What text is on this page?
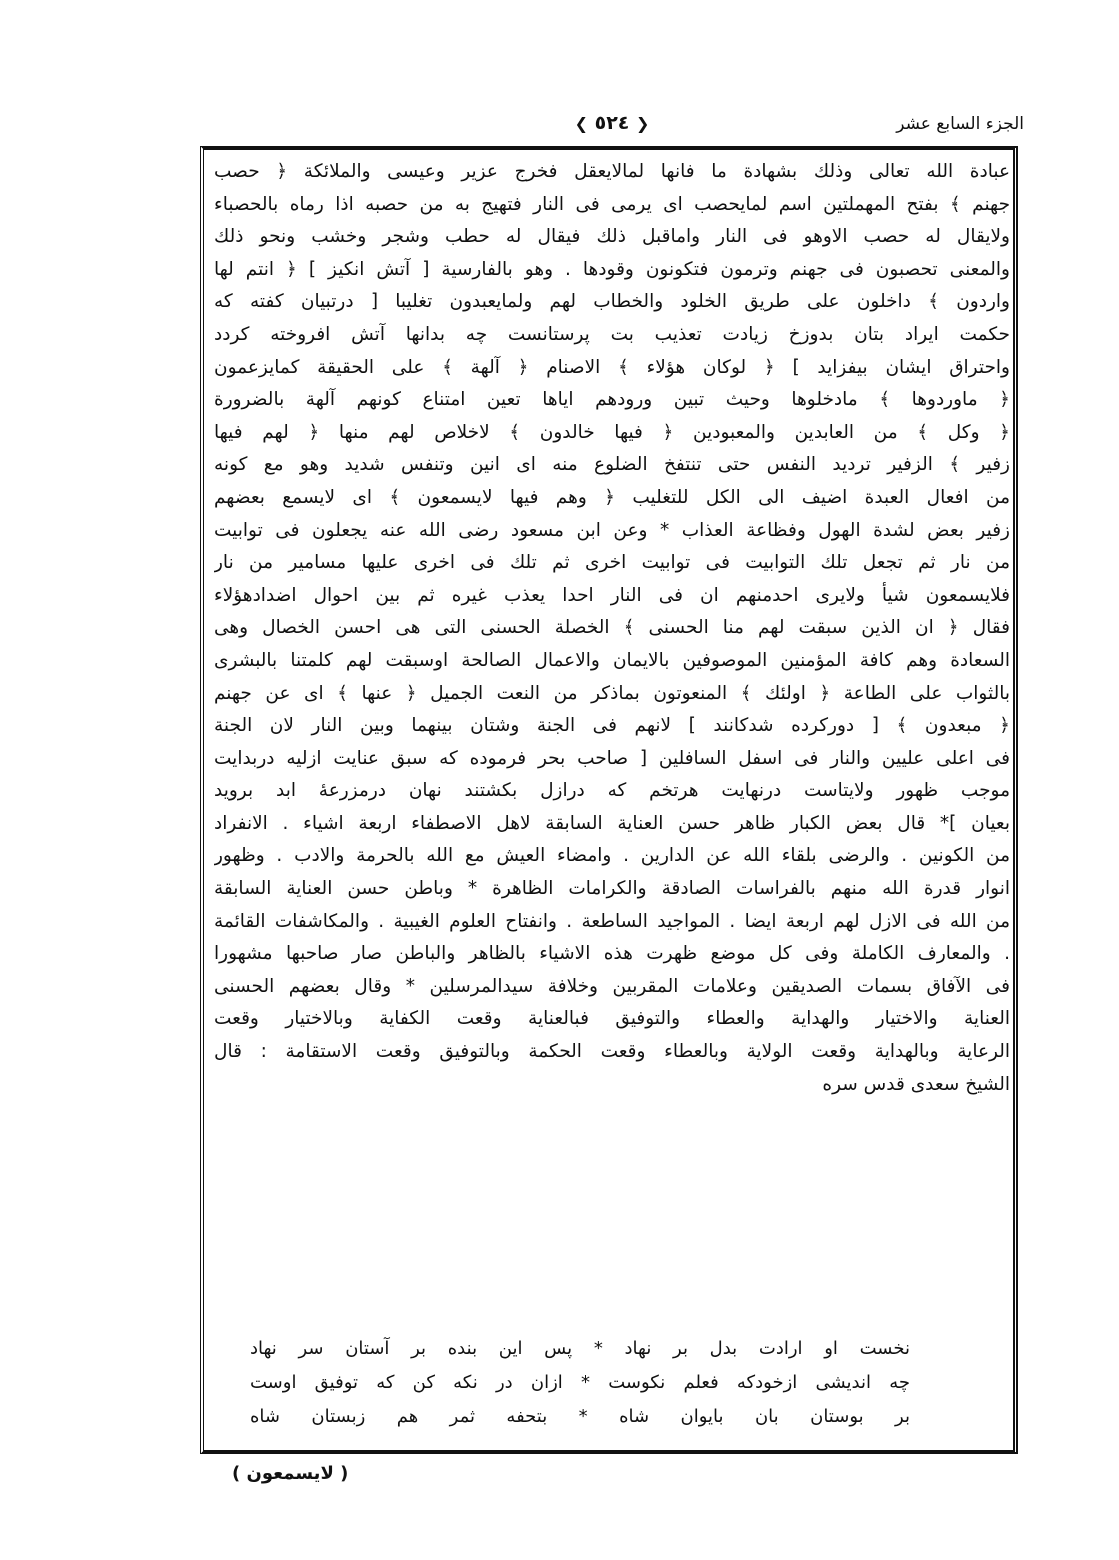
الجزء السابع عشر
❮ ٥٢٤ ❯
عبادة الله تعالى وذلك بشهادة ما فانها لمالايعقل فخرج عزير وعيسى والملائكة ﴿ حصب
جهنم ﴾ بفتح المهملتين اسم لمايحصب اى يرمى فى النار فتهيج به من حصبه اذا رماه بالحصباء
ولايقال له حصب الاوهو فى النار واماقبل ذلك فيقال له حطب وشجر وخشب ونحو ذلك
والمعنى تحصبون فى جهنم وترمون فتكونون وقودها . وهو بالفارسية [ آتش انكيز ] ﴿ انتم لها
واردون ﴾ داخلون على طريق الخلود والخطاب لهم ولمايعبدون تغليبا [ درتبيان كفته كه
حكمت ايراد بتان بدوزخ زيادت تعذيب بت پرستانست چه بدانها آتش افروخته كردد
واحتراق ايشان بيفزايد ] ﴿ لوكان هؤلاء ﴾ الاصنام ﴿ آلهة ﴾ على الحقيقة كمايزعمون
﴿ ماوردوها ﴾ مادخلوها وحيث تبين ورودهم اياها تعين امتناع كونهم آلهة بالضرورة
﴿ وكل ﴾ من العابدين والمعبودين ﴿ فيها خالدون ﴾ لاخلاص لهم منها ﴿ لهم فيها
زفير ﴾ الزفير ترديد النفس حتى تنتفخ الضلوع منه اى انين وتنفس شديد وهو مع كونه
من افعال العبدة اضيف الى الكل للتغليب ﴿ وهم فيها لايسمعون ﴾ اى لايسمع بعضهم
زفير بعض لشدة الهول وفظاعة العذاب * وعن ابن مسعود رضى الله عنه يجعلون فى توابيت
من نار ثم تجعل تلك التوابيت فى توابيت اخرى ثم تلك فى اخرى عليها مسامير من نار
فلايسمعون شيأ ولايرى احدمنهم ان فى النار احدا يعذب غيره ثم بين احوال اضدادهؤلاء
فقال ﴿ ان الذين سبقت لهم منا الحسنى ﴾ الخصلة الحسنى التى هى احسن الخصال وهى
السعادة وهم كافة المؤمنين الموصوفين بالايمان والاعمال الصالحة اوسبقت لهم كلمتنا بالبشرى
بالثواب على الطاعة ﴿ اولئك ﴾ المنعوتون بماذكر من النعت الجميل ﴿ عنها ﴾ اى عن جهنم
﴿ مبعدون ﴾ [ دوركرده شدكانند ] لانهم فى الجنة وشتان بينهما وبين النار لان الجنة
فى اعلى عليين والنار فى اسفل السافلين [ صاحب بحر فرموده كه سبق عنايت ازليه دربدايت
موجب ظهور ولايتاست درنهايت هرتخم كه درازل بكشتند نهان درمزرعهٔ ابد برويد
بعيان ]* قال بعض الكبار ظاهر حسن العناية السابقة لاهل الاصطفاء اربعة اشياء . الانفراد
من الكونين . والرضى بلقاء الله عن الدارين . وامضاء العيش مع الله بالحرمة والادب . وظهور
انوار قدرة الله منهم بالفراسات الصادقة والكرامات الظاهرة * وباطن حسن العناية السابقة
من الله فى الازل لهم اربعة ايضا . المواجيد الساطعة . وانفتاح العلوم الغيبية . والمكاشفات القائمة
. والمعارف الكاملة وفى كل موضع ظهرت هذه الاشياء بالظاهر والباطن صار صاحبها مشهورا
فى الآفاق بسمات الصديقين وعلامات المقربين وخلافة سيدالمرسلين * وقال بعضهم الحسنى
العناية والاختيار والهداية والعطاء والتوفيق فبالعناية وقعت الكفاية وبالاختيار وقعت
الرعاية وبالهداية وقعت الولاية وبالعطاء وقعت الحكمة وبالتوفيق وقعت الاستقامة : قال
الشيخ سعدى قدس سره
نخست او ارادت بدل بر نهاد * پس اين بنده بر آستان سر نهاد
چه انديشى ازخودكه فعلم نكوست * ازان در نكه كن كه توفيق اوست
بر بوستان بان بايوان شاه * بتحفه ثمر هم زبستان شاه
( لايسمعون )
